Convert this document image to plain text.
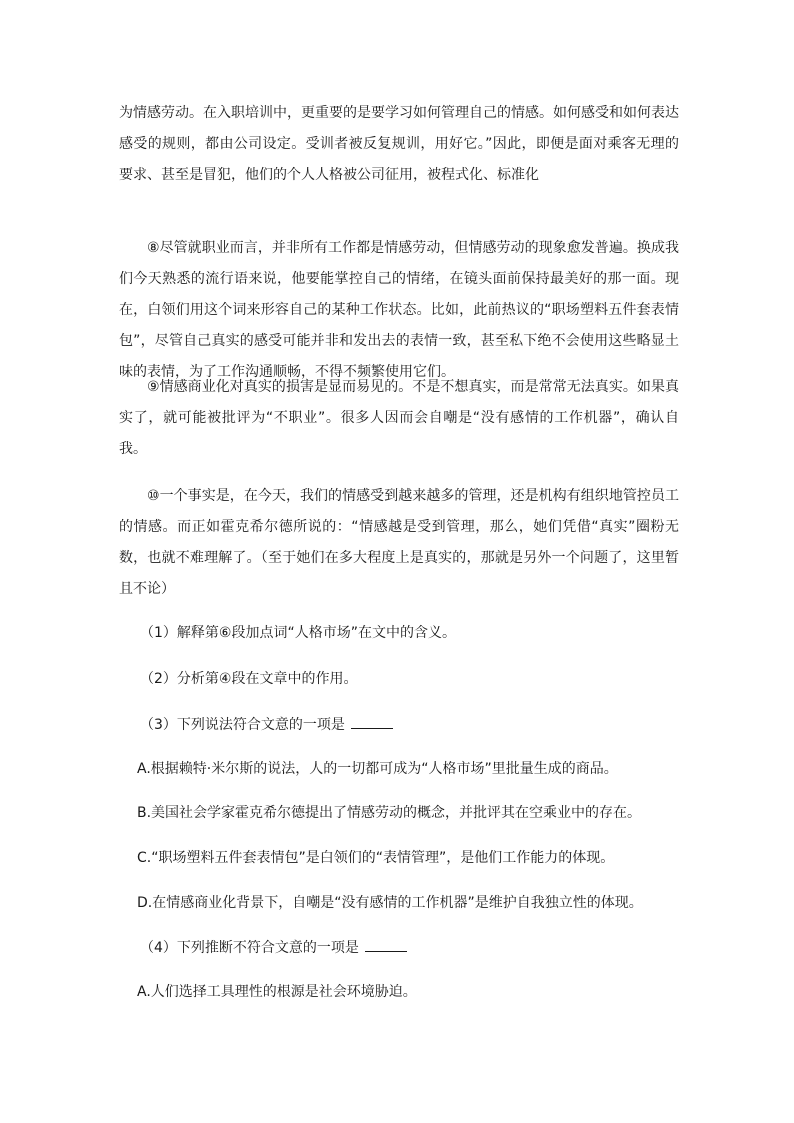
为情感劳动。在入职培训中，更重要的是要学习如何管理自己的情感。如何感受和如何表达感受的规则，都由公司设定。受训者被反复规训，用好它。”因此，即便是面对乘客无理的要求、甚至是冒犯，他们的个人人格被公司征用，被程式化、标准化

⑧尽管就职业而言，并非所有工作都是情感劳动，但情感劳动的现象愈发普遍。换成我们今天熟悉的流行语来说，他要能掌控自己的情绪，在镜头面前保持最美好的那一面。现在，白领们用这个词来形容自己的某种工作状态。比如，此前热议的“职场塑料五件套表情包”，尽管自己真实的感受可能并非和发出去的表情一致，甚至私下绝不会使用这些略显土味的表情，为了工作沟通顺畅，不得不频繁使用它们。

⑨情感商业化对真实的损害是显而易见的。不是不想真实，而是常常无法真实。如果真实了，就可能被批评为“不职业”。很多人因而会自嘲是“没有感情的工作机器”，确认自我。

⑩一个事实是，在今天，我们的情感受到越来越多的管理，还是机构有组织地管控员工的情感。而正如霍克希尔德所说的：“情感越是受到管理，那么，她们凭借“真实”圈粉无数，也就不难理解了。（至于她们在多大程度上是真实的，那就是另外一个问题了，这里暂且不论）

（1）解释第⑥段加点词“人格市场”在文中的含义。

（2）分析第④段在文章中的作用。

（3）下列说法符合文意的一项是

A.根据赖特·米尔斯的说法，人的一切都可成为“人格市场”里批量生成的商品。

B.美国社会学家霍克希尔德提出了情感劳动的概念，并批评其在空乘业中的存在。

C.“职场塑料五件套表情包”是白领们的“表情管理”，是他们工作能力的体现。

D.在情感商业化背景下，自嘲是“没有感情的工作机器”是维护自我独立性的体现。

（4）下列推断不符合文意的一项是

A.人们选择工具理性的根源是社会环境胁迫。
